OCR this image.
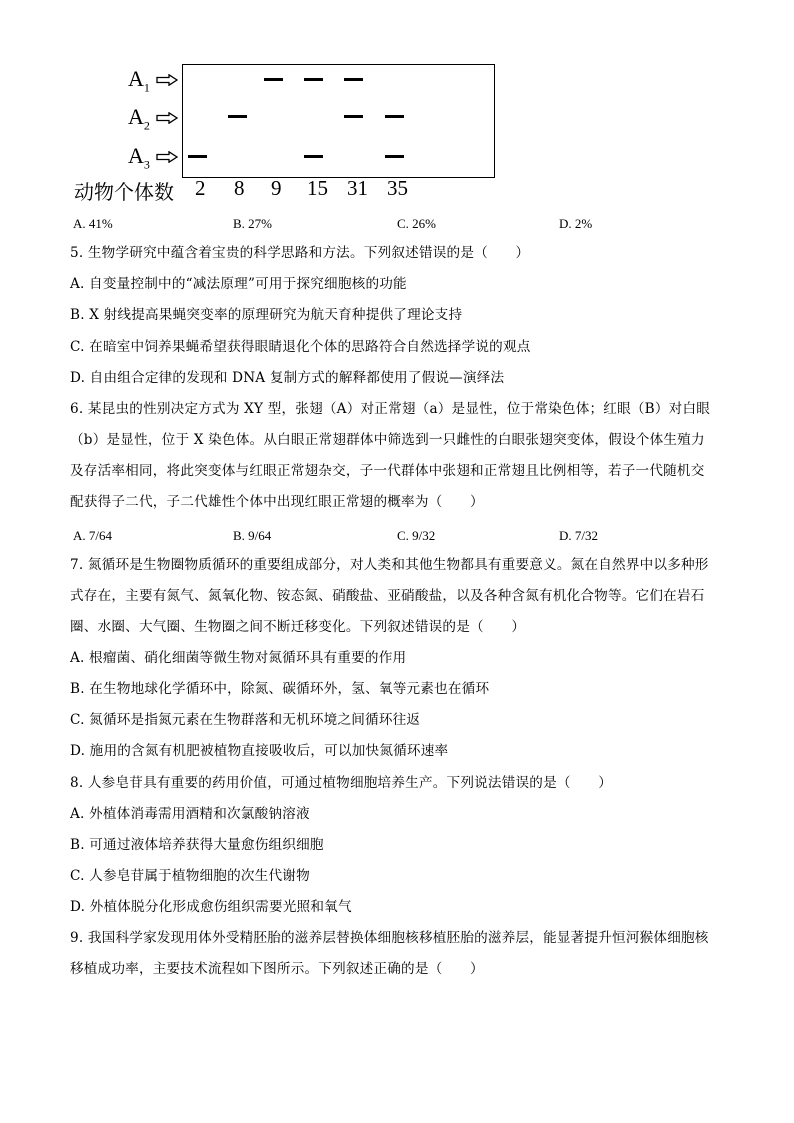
$A_1$
$A_2$
$A_3$
动物个体数 2 8 9 15 31 35
A. 41%	B. 27%	C. 26%	D. 2%
5. 生物学研究中蕴含着宝贵的科学思路和方法。下列叙述错误的是（　　）
A. 自变量控制中的“减法原理”可用于探究细胞核的功能
B. X 射线提高果蝇突变率的原理研究为航天育种提供了理论支持
C. 在暗室中饲养果蝇希望获得眼睛退化个体的思路符合自然选择学说的观点
D. 自由组合定律的发现和 DNA 复制方式的解释都使用了假说—演绎法
6. 某昆虫的性别决定方式为 XY 型，张翅（A）对正常翅（a）是显性，位于常染色体；红眼（B）对白眼
（b）是显性，位于 X 染色体。从白眼正常翅群体中筛选到一只雌性的白眼张翅突变体，假设个体生殖力
及存活率相同，将此突变体与红眼正常翅杂交，子一代群体中张翅和正常翅且比例相等，若子一代随机交
配获得子二代，子二代雄性个体中出现红眼正常翅的概率为（　　）
A. 7/64	B. 9/64	C. 9/32	D. 7/32
7. 氮循环是生物圈物质循环的重要组成部分，对人类和其他生物都具有重要意义。氮在自然界中以多种形
式存在，主要有氮气、氮氧化物、铵态氮、硝酸盐、亚硝酸盐，以及各种含氮有机化合物等。它们在岩石
圈、水圈、大气圈、生物圈之间不断迁移变化。下列叙述错误的是（　　）
A. 根瘤菌、硝化细菌等微生物对氮循环具有重要的作用
B. 在生物地球化学循环中，除氮、碳循环外，氢、氧等元素也在循环
C. 氮循环是指氮元素在生物群落和无机环境之间循环往返
D. 施用的含氮有机肥被植物直接吸收后，可以加快氮循环速率
8. 人参皂苷具有重要的药用价值，可通过植物细胞培养生产。下列说法错误的是（　　）
A. 外植体消毒需用酒精和次氯酸钠溶液
B. 可通过液体培养获得大量愈伤组织细胞
C. 人参皂苷属于植物细胞的次生代谢物
D. 外植体脱分化形成愈伤组织需要光照和氧气
9. 我国科学家发现用体外受精胚胎的滋养层替换体细胞核移植胚胎的滋养层，能显著提升恒河猴体细胞核
移植成功率，主要技术流程如下图所示。下列叙述正确的是（　　）
